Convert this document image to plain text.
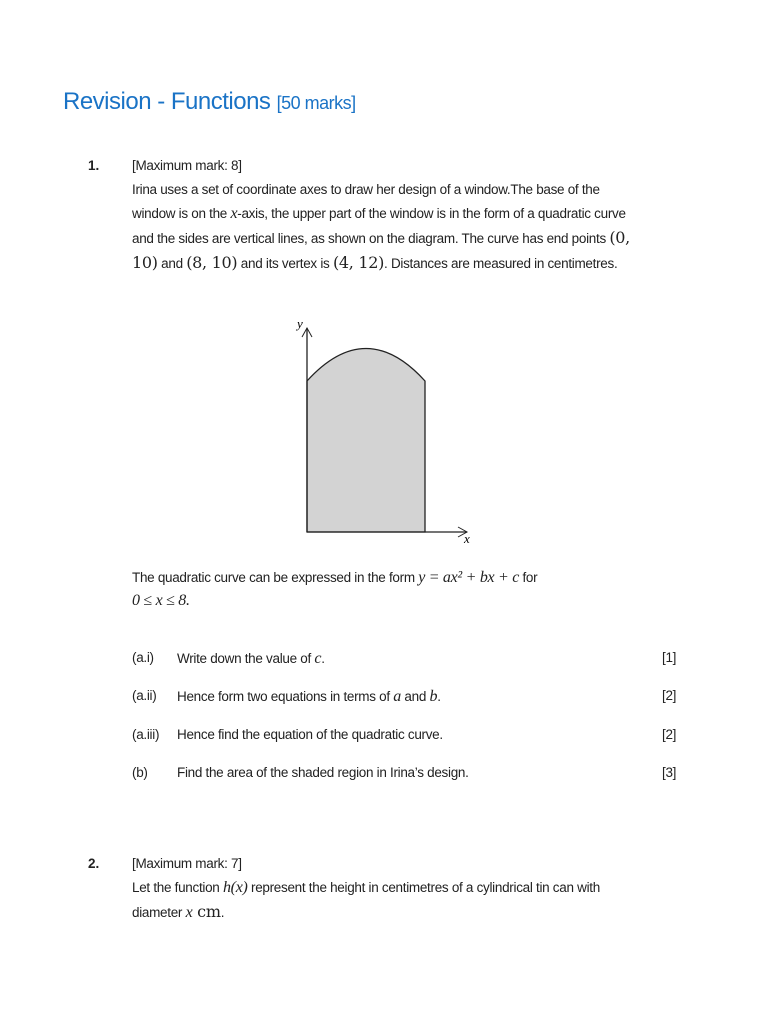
Revision - Functions [50 marks]
1. [Maximum mark: 8]
Irina uses a set of coordinate axes to draw her design of a window.The base of the window is on the x-axis, the upper part of the window is in the form of a quadratic curve and the sides are vertical lines, as shown on the diagram. The curve has end points (0, 10) and (8, 10) and its vertex is (4, 12). Distances are measured in centimetres.
y
x
The quadratic curve can be expressed in the form y = ax² + bx + c for
0 ≤ x ≤ 8.
(a.i) Write down the value of c.	[1]
(a.ii) Hence form two equations in terms of a and b.	[2]
(a.iii) Hence find the equation of the quadratic curve.	[2]
(b) Find the area of the shaded region in Irina’s design.	[3]
2. [Maximum mark: 7]
Let the function h(x) represent the height in centimetres of a cylindrical tin can with diameter x cm.
